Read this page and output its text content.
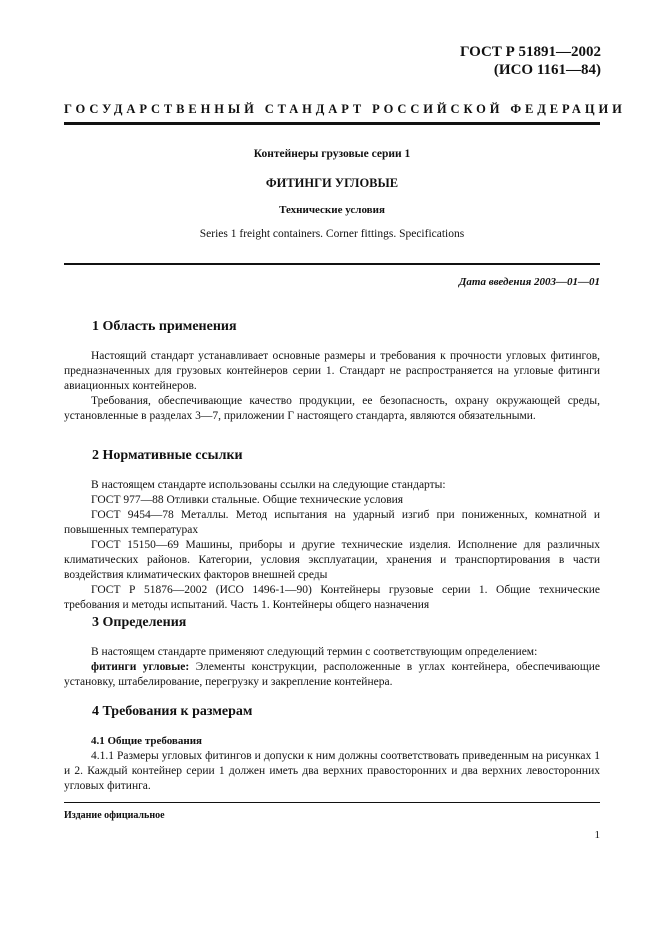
ГОСТ Р 51891—2002
(ИСО 1161—84)
ГОСУДАРСТВЕННЫЙ СТАНДАРТ РОССИЙСКОЙ ФЕДЕРАЦИИ
Контейнеры грузовые серии 1
ФИТИНГИ УГЛОВЫЕ
Технические условия
Series 1 freight containers. Corner fittings. Specifications
Дата введения 2003—01—01
1 Область применения

Настоящий стандарт устанавливает основные размеры и требования к прочности угловых фитингов, предназначенных для грузовых контейнеров серии 1. Стандарт не распространяется на угловые фитинги авиационных контейнеров.

Требования, обеспечивающие качество продукции, ее безопасность, охрану окружающей среды, установленные в разделах 3—7, приложении Г настоящего стандарта, являются обязательными.

2 Нормативные ссылки

В настоящем стандарте использованы ссылки на следующие стандарты:

ГОСТ 977—88 Отливки стальные. Общие технические условия

ГОСТ 9454—78 Металлы. Метод испытания на ударный изгиб при пониженных, комнатной и повышенных температурах

ГОСТ 15150—69 Машины, приборы и другие технические изделия. Исполнение для различных климатических районов. Категории, условия эксплуатации, хранения и транспортирования в части воздействия климатических факторов внешней среды

ГОСТ Р 51876—2002 (ИСО 1496-1—90) Контейнеры грузовые серии 1. Общие технические требования и методы испытаний. Часть 1. Контейнеры общего назначения

3 Определения

В настоящем стандарте применяют следующий термин с соответствующим определением:

фитинги угловые: Элементы конструкции, расположенные в углах контейнера, обеспечивающие установку, штабелирование, перегрузку и закрепление контейнера.

4 Требования к размерам

4.1 Общие требования

4.1.1 Размеры угловых фитингов и допуски к ним должны соответствовать приведенным на рисунках 1 и 2. Каждый контейнер серии 1 должен иметь два верхних правосторонних и два верхних левосторонних угловых фитинга.

Издание официальное
1
